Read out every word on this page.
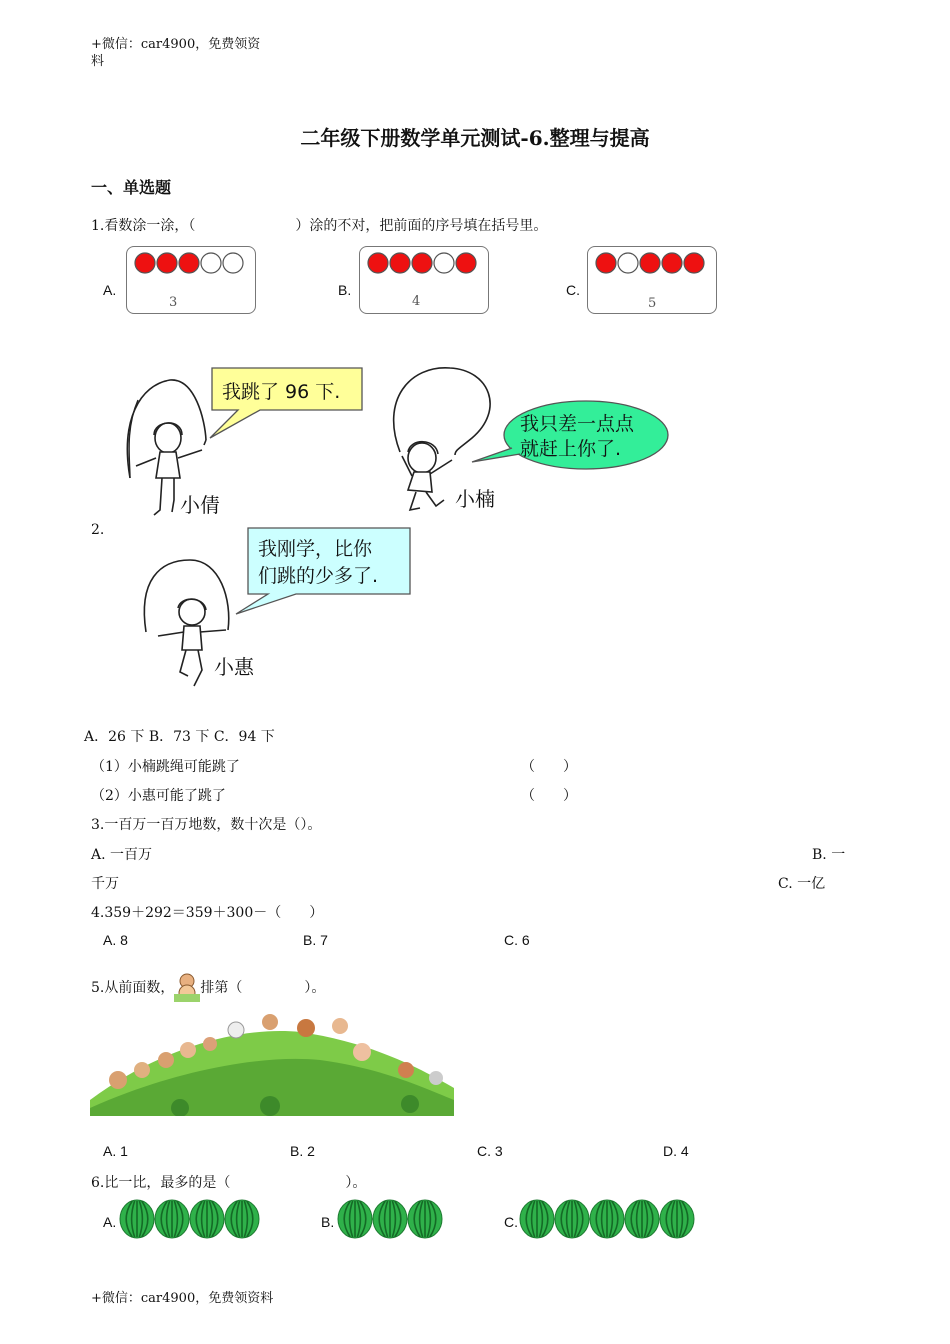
+微信：car4900，免费领资
料
二年级下册数学单元测试-6.整理与提高
一、单选题
1.看数涂一涂，（	）涂的不对，把前面的序号填在括号里。
A.
3
B.
4
C.
5
我跳了 96 下.
小倩
我只差一点点
就赶上你了.
小楠
我刚学，比你
们跳的少多了.
小惠
2.
A．26 下 B．73 下 C．94 下
（1）小楠跳绳可能跳了	（　　）
（2）小惠可能了跳了	（　　）
3.一百万一百万地数，数十次是（）。
A. 一百万	B. 一
千万	C. 一亿
4.359＋292＝359＋300－（　　）
A. 8	B. 7	C. 6
5.从前面数， 排第（	）。
A. 1	B. 2	C. 3	D. 4
6.比一比，最多的是（	）。
A.	B.	C.
+微信：car4900，免费领资料
